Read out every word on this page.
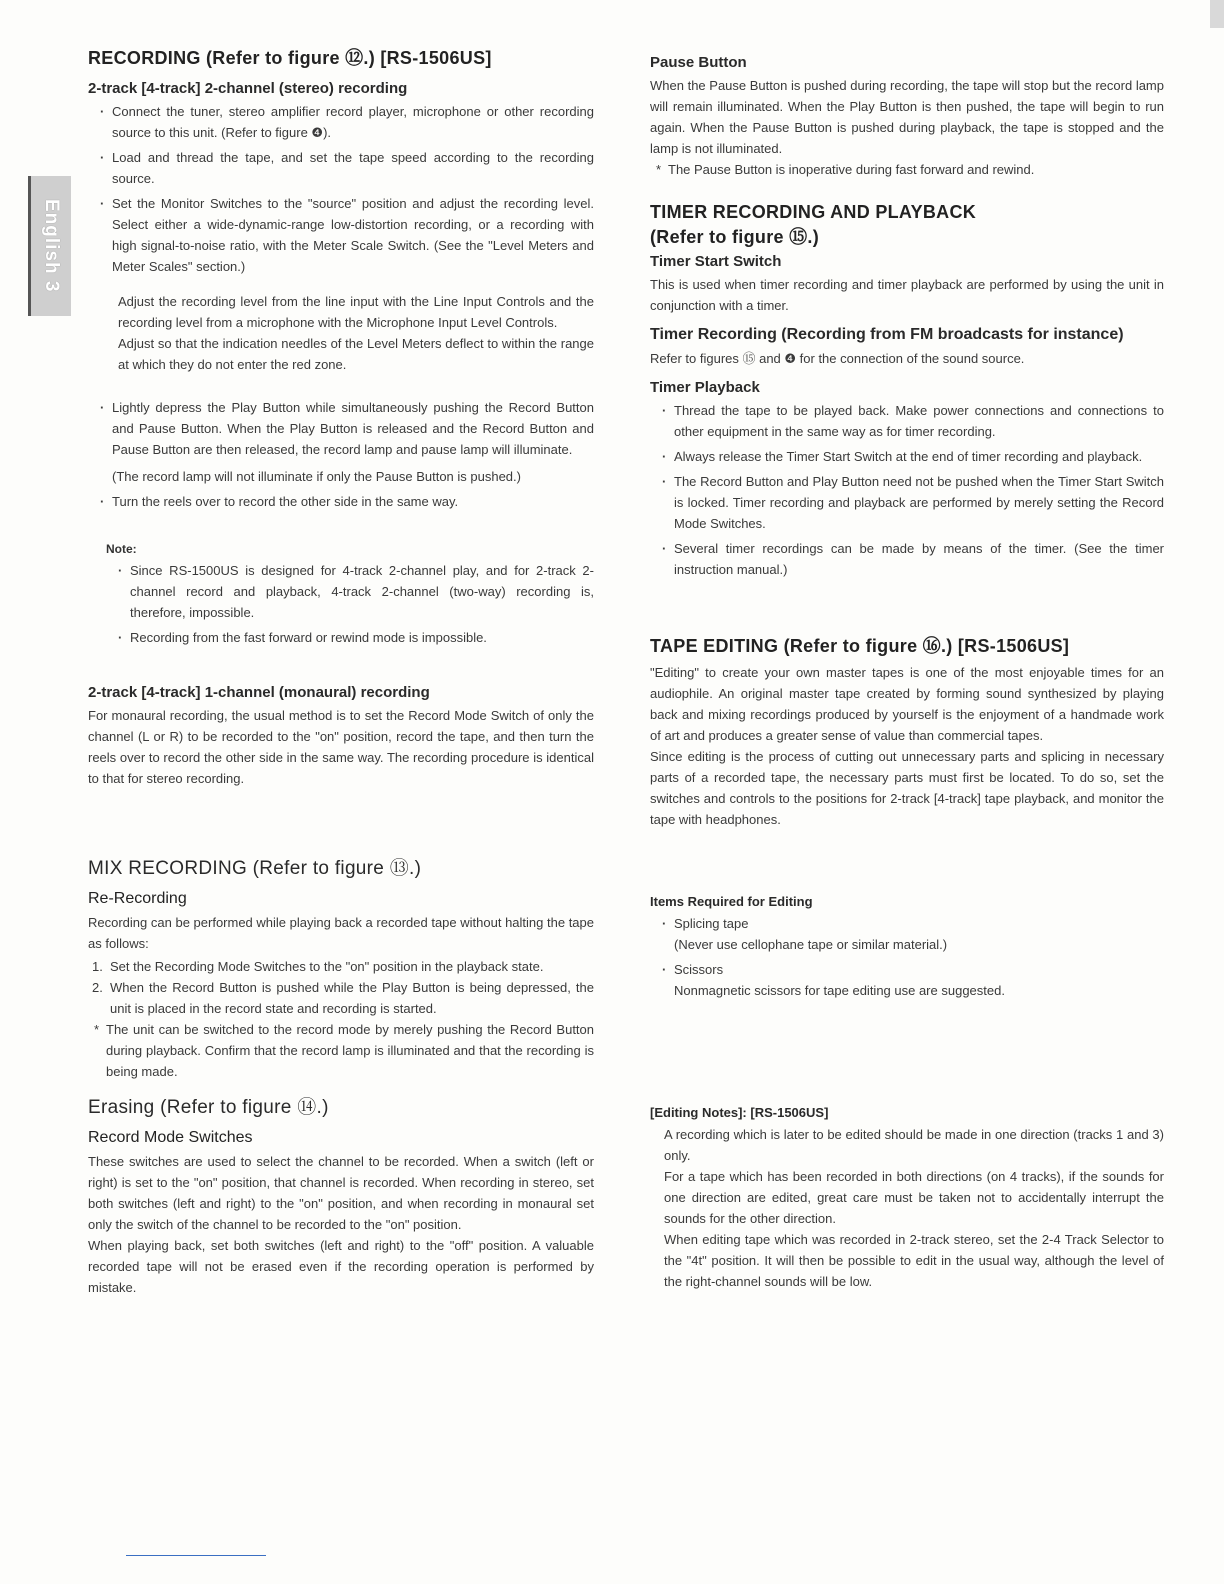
English 3
RECORDING (Refer to figure ⑫.) [RS-1506US]
2-track [4-track] 2-channel (stereo) recording
· Connect the tuner, stereo amplifier record player, microphone or other recording source to this unit. (Refer to figure ❹).
· Load and thread the tape, and set the tape speed according to the recording source.
· Set the Monitor Switches to the "source" position and adjust the recording level. Select either a wide-dynamic-range low-distortion recording, or a recording with high signal-to-noise ratio, with the Meter Scale Switch. (See the "Level Meters and Meter Scales" section.)

Adjust the recording level from the line input with the Line Input Controls and the recording level from a microphone with the Microphone Input Level Controls.

Adjust so that the indication needles of the Level Meters deflect to within the range at which they do not enter the red zone.

· Lightly depress the Play Button while simultaneously pushing the Record Button and Pause Button. When the Play Button is released and the Record Button and Pause Button are then released, the record lamp and pause lamp will illuminate.
(The record lamp will not illuminate if only the Pause Button is pushed.)
· Turn the reels over to record the other side in the same way.
Note:
· Since RS-1500US is designed for 4-track 2-channel play, and for 2-track 2-channel record and playback, 4-track 2-channel (two-way) recording is, therefore, impossible.
· Recording from the fast forward or rewind mode is impossible.
2-track [4-track] 1-channel (monaural) recording

For monaural recording, the usual method is to set the Record Mode Switch of only the channel (L or R) to be recorded to the "on" position, record the tape, and then turn the reels over to record the other side in the same way. The recording procedure is identical to that for stereo recording.

MIX RECORDING (Refer to figure ⑬.)
Re-Recording

Recording can be performed while playing back a recorded tape without halting the tape as follows:

1. Set the Recording Mode Switches to the "on" position in the playback state.
2. When the Record Button is pushed while the Play Button is being depressed, the unit is placed in the record state and recording is started.
* The unit can be switched to the record mode by merely pushing the Record Button during playback. Confirm that the record lamp is illuminated and that the recording is being made.
Erasing (Refer to figure ⑭.)
Record Mode Switches

These switches are used to select the channel to be recorded. When a switch (left or right) is set to the "on" position, that channel is recorded. When recording in stereo, set both switches (left and right) to the "on" position, and when recording in monaural set only the switch of the channel to be recorded to the "on" position.

When playing back, set both switches (left and right) to the "off" position. A valuable recorded tape will not be erased even if the recording operation is performed by mistake.

Pause Button

When the Pause Button is pushed during recording, the tape will stop but the record lamp will remain illuminated. When the Play Button is then pushed, the tape will begin to run again. When the Pause Button is pushed during playback, the tape is stopped and the lamp is not illuminated.

* The Pause Button is inoperative during fast forward and rewind.
TIMER RECORDING AND PLAYBACK
(Refer to figure ⑮.)
Timer Start Switch

This is used when timer recording and timer playback are performed by using the unit in conjunction with a timer.

Timer Recording (Recording from FM broadcasts for instance)

Refer to figures ⑮ and ❹ for the connection of the sound source.

Timer Playback
· Thread the tape to be played back. Make power connections and connections to other equipment in the same way as for timer recording.
· Always release the Timer Start Switch at the end of timer recording and playback.
· The Record Button and Play Button need not be pushed when the Timer Start Switch is locked. Timer recording and playback are performed by merely setting the Record Mode Switches.
· Several timer recordings can be made by means of the timer. (See the timer instruction manual.)
TAPE EDITING (Refer to figure ⑯.) [RS-1506US]

"Editing" to create your own master tapes is one of the most enjoyable times for an audiophile. An original master tape created by forming sound synthesized by playing back and mixing recordings produced by yourself is the enjoyment of a handmade work of art and produces a greater sense of value than commercial tapes.

Since editing is the process of cutting out unnecessary parts and splicing in necessary parts of a recorded tape, the necessary parts must first be located. To do so, set the switches and controls to the positions for 2-track [4-track] tape playback, and monitor the tape with headphones.

Items Required for Editing
· Splicing tape
(Never use cellophane tape or similar material.)
· Scissors
Nonmagnetic scissors for tape editing use are suggested.
[Editing Notes]: [RS-1506US]

A recording which is later to be edited should be made in one direction (tracks 1 and 3) only.

For a tape which has been recorded in both directions (on 4 tracks), if the sounds for one direction are edited, great care must be taken not to accidentally interrupt the sounds for the other direction.

When editing tape which was recorded in 2-track stereo, set the 2-4 Track Selector to the "4t" position. It will then be possible to edit in the usual way, although the level of the right-channel sounds will be low.
